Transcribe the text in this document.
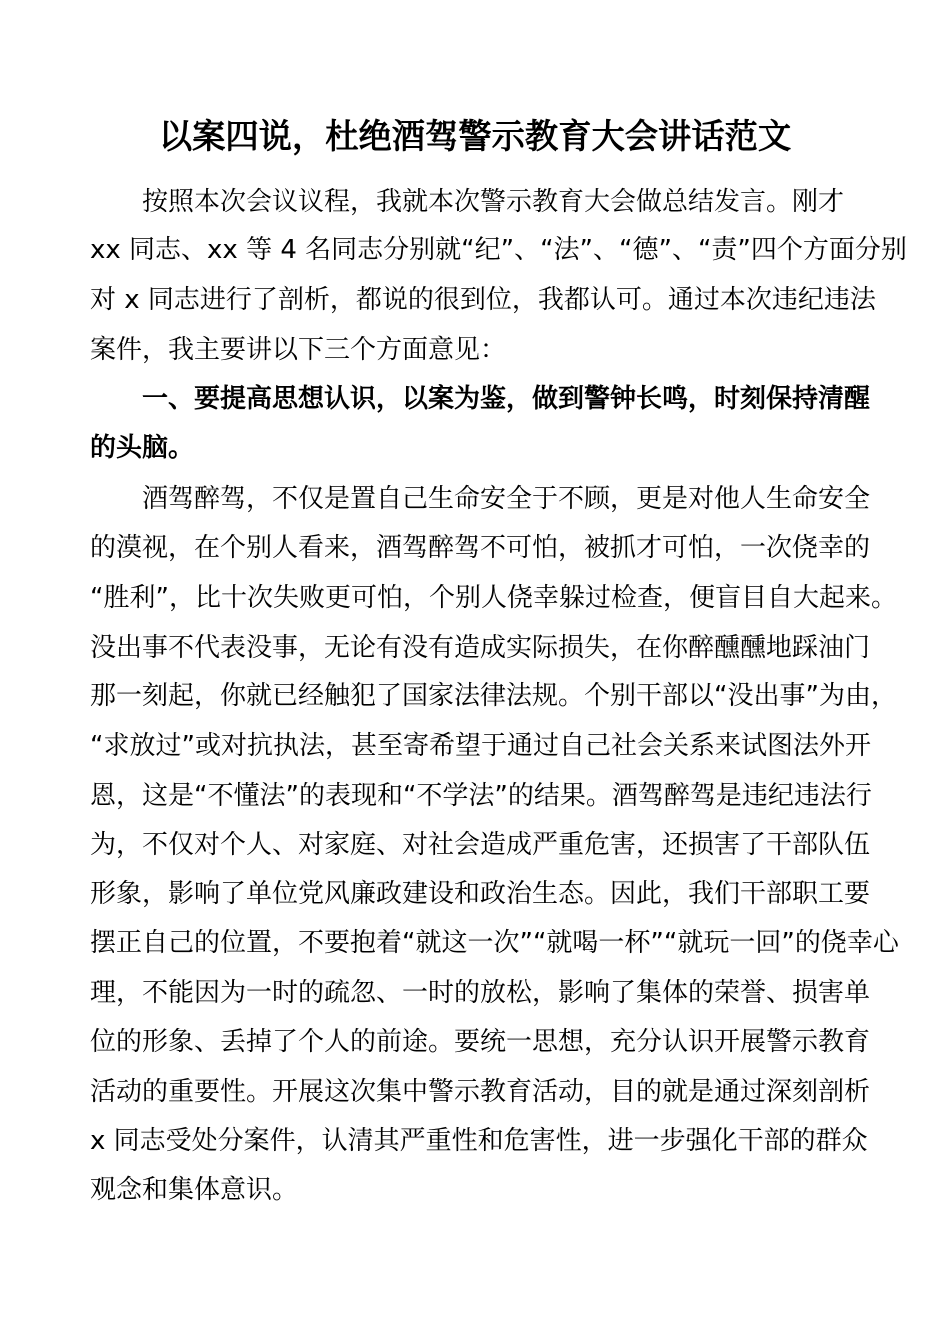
以案四说，杜绝酒驾警示教育大会讲话范文
按照本次会议议程，我就本次警示教育大会做总结发言。刚才
xx 同志、xx 等 4 名同志分别就“纪”、“法”、“德”、“责”四个方面分别
对 x 同志进行了剖析，都说的很到位，我都认可。通过本次违纪违法
案件，我主要讲以下三个方面意见：
一、要提高思想认识，以案为鉴，做到警钟长鸣，时刻保持清醒
的头脑。
酒驾醉驾，不仅是置自己生命安全于不顾，更是对他人生命安全
的漠视，在个别人看来，酒驾醉驾不可怕，被抓才可怕，一次侥幸的
“胜利”，比十次失败更可怕，个别人侥幸躲过检查，便盲目自大起来。
没出事不代表没事，无论有没有造成实际损失，在你醉醺醺地踩油门
那一刻起，你就已经触犯了国家法律法规。个别干部以“没出事”为由，
“求放过”或对抗执法，甚至寄希望于通过自己社会关系来试图法外开
恩，这是“不懂法”的表现和“不学法”的结果。酒驾醉驾是违纪违法行
为，不仅对个人、对家庭、对社会造成严重危害，还损害了干部队伍
形象，影响了单位党风廉政建设和政治生态。因此，我们干部职工要
摆正自己的位置，不要抱着“就这一次”“就喝一杯”“就玩一回”的侥幸心
理，不能因为一时的疏忽、一时的放松，影响了集体的荣誉、损害单
位的形象、丢掉了个人的前途。要统一思想，充分认识开展警示教育
活动的重要性。开展这次集中警示教育活动，目的就是通过深刻剖析
x 同志受处分案件，认清其严重性和危害性，进一步强化干部的群众
观念和集体意识。
